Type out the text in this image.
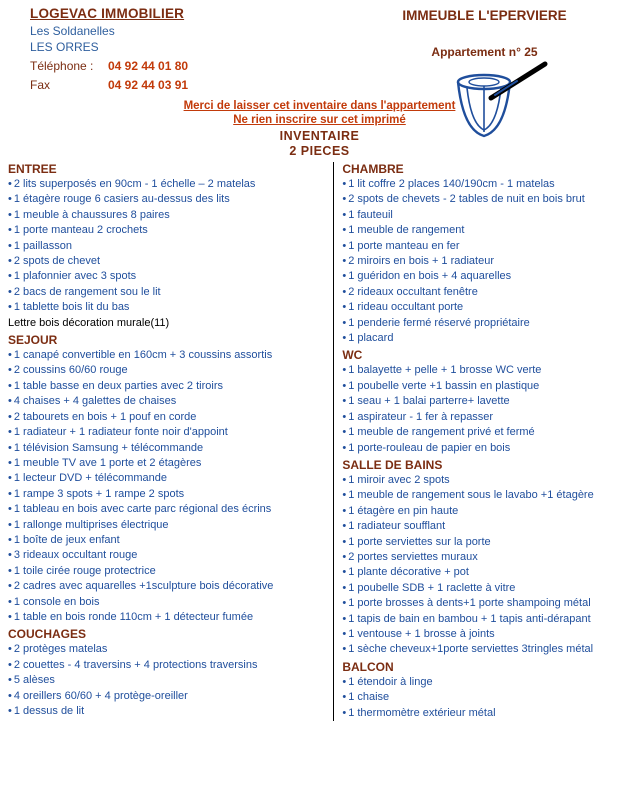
LOGEVAC IMMOBILIER
Les Soldanelles
LES ORRES
Téléphone :	04 92 44 01 80
Fax	04 92 44 03 91
IMMEUBLE L'EPERVIERE
Appartement n° 25
Merci de laisser cet inventaire dans l'appartement
Ne rien inscrire sur cet imprimé
INVENTAIRE
2 PIECES
ENTREE
• 2 lits superposés en 90cm - 1 échelle – 2 matelas
• 1 étagère rouge 6 casiers au-dessus des lits
• 1 meuble à chaussures 8 paires
• 1 porte manteau 2 crochets
• 1 paillasson
• 2 spots de chevet
• 1 plafonnier avec 3 spots
• 2 bacs de rangement sou le lit
• 1 tablette bois lit du bas
Lettre bois décoration murale(11)
SEJOUR
• 1 canapé convertible en 160cm + 3 coussins assortis
• 2 coussins 60/60 rouge
• 1 table basse en deux parties avec 2 tiroirs
• 4 chaises + 4 galettes de chaises
• 2 tabourets en bois + 1 pouf en corde
• 1 radiateur + 1 radiateur fonte noir d'appoint
• 1 télévision Samsung + télécommande
• 1 meuble TV ave 1 porte et 2 étagères
• 1 lecteur DVD + télécommande
• 1 rampe 3 spots + 1 rampe 2 spots
• 1 tableau en bois avec carte parc régional des écrins
• 1 rallonge multiprises électrique
• 1 boîte de jeux enfant
• 3 rideaux occultant rouge
• 1 toile cirée rouge protectrice
• 2 cadres avec aquarelles +1sculpture bois décorative
• 1 console en bois
• 1 table en bois ronde 110cm + 1 détecteur fumée
COUCHAGES
• 2 protèges matelas
• 2 couettes - 4 traversins + 4 protections traversins
• 5 alèses
• 4 oreillers 60/60 + 4 protège-oreiller
• 1 dessus de lit
CHAMBRE
• 1 lit coffre 2 places 140/190cm - 1 matelas
• 2 spots de chevets - 2 tables de nuit en bois brut
• 1 fauteuil
• 1 meuble de rangement
• 1 porte manteau en fer
• 2 miroirs en bois + 1 radiateur
• 1 guéridon en bois + 4 aquarelles
• 2 rideaux occultant fenêtre
• 1 rideau occultant porte
• 1 penderie fermé réservé propriétaire
• 1 placard
WC
• 1 balayette + pelle + 1 brosse WC verte
• 1 poubelle verte +1 bassin en plastique
• 1 seau + 1 balai parterre+ lavette
• 1 aspirateur - 1 fer à repasser
• 1 meuble de rangement privé et fermé
• 1 porte-rouleau de papier en bois
SALLE DE BAINS
• 1 miroir avec 2 spots
• 1 meuble de rangement sous le lavabo +1 étagère
• 1 étagère en pin haute
• 1 radiateur soufflant
• 1 porte serviettes sur la porte
• 2 portes serviettes muraux
• 1 plante décorative + pot
• 1 poubelle SDB + 1 raclette à vitre
• 1 porte brosses à dents+1 porte shampoing métal
• 1 tapis de bain en bambou + 1 tapis anti-dérapant
• 1 ventouse + 1 brosse à joints
• 1 sèche cheveux+1porte serviettes 3tringles métal
BALCON
• 1 étendoir à linge
• 1 chaise
• 1 thermomètre extérieur métal
